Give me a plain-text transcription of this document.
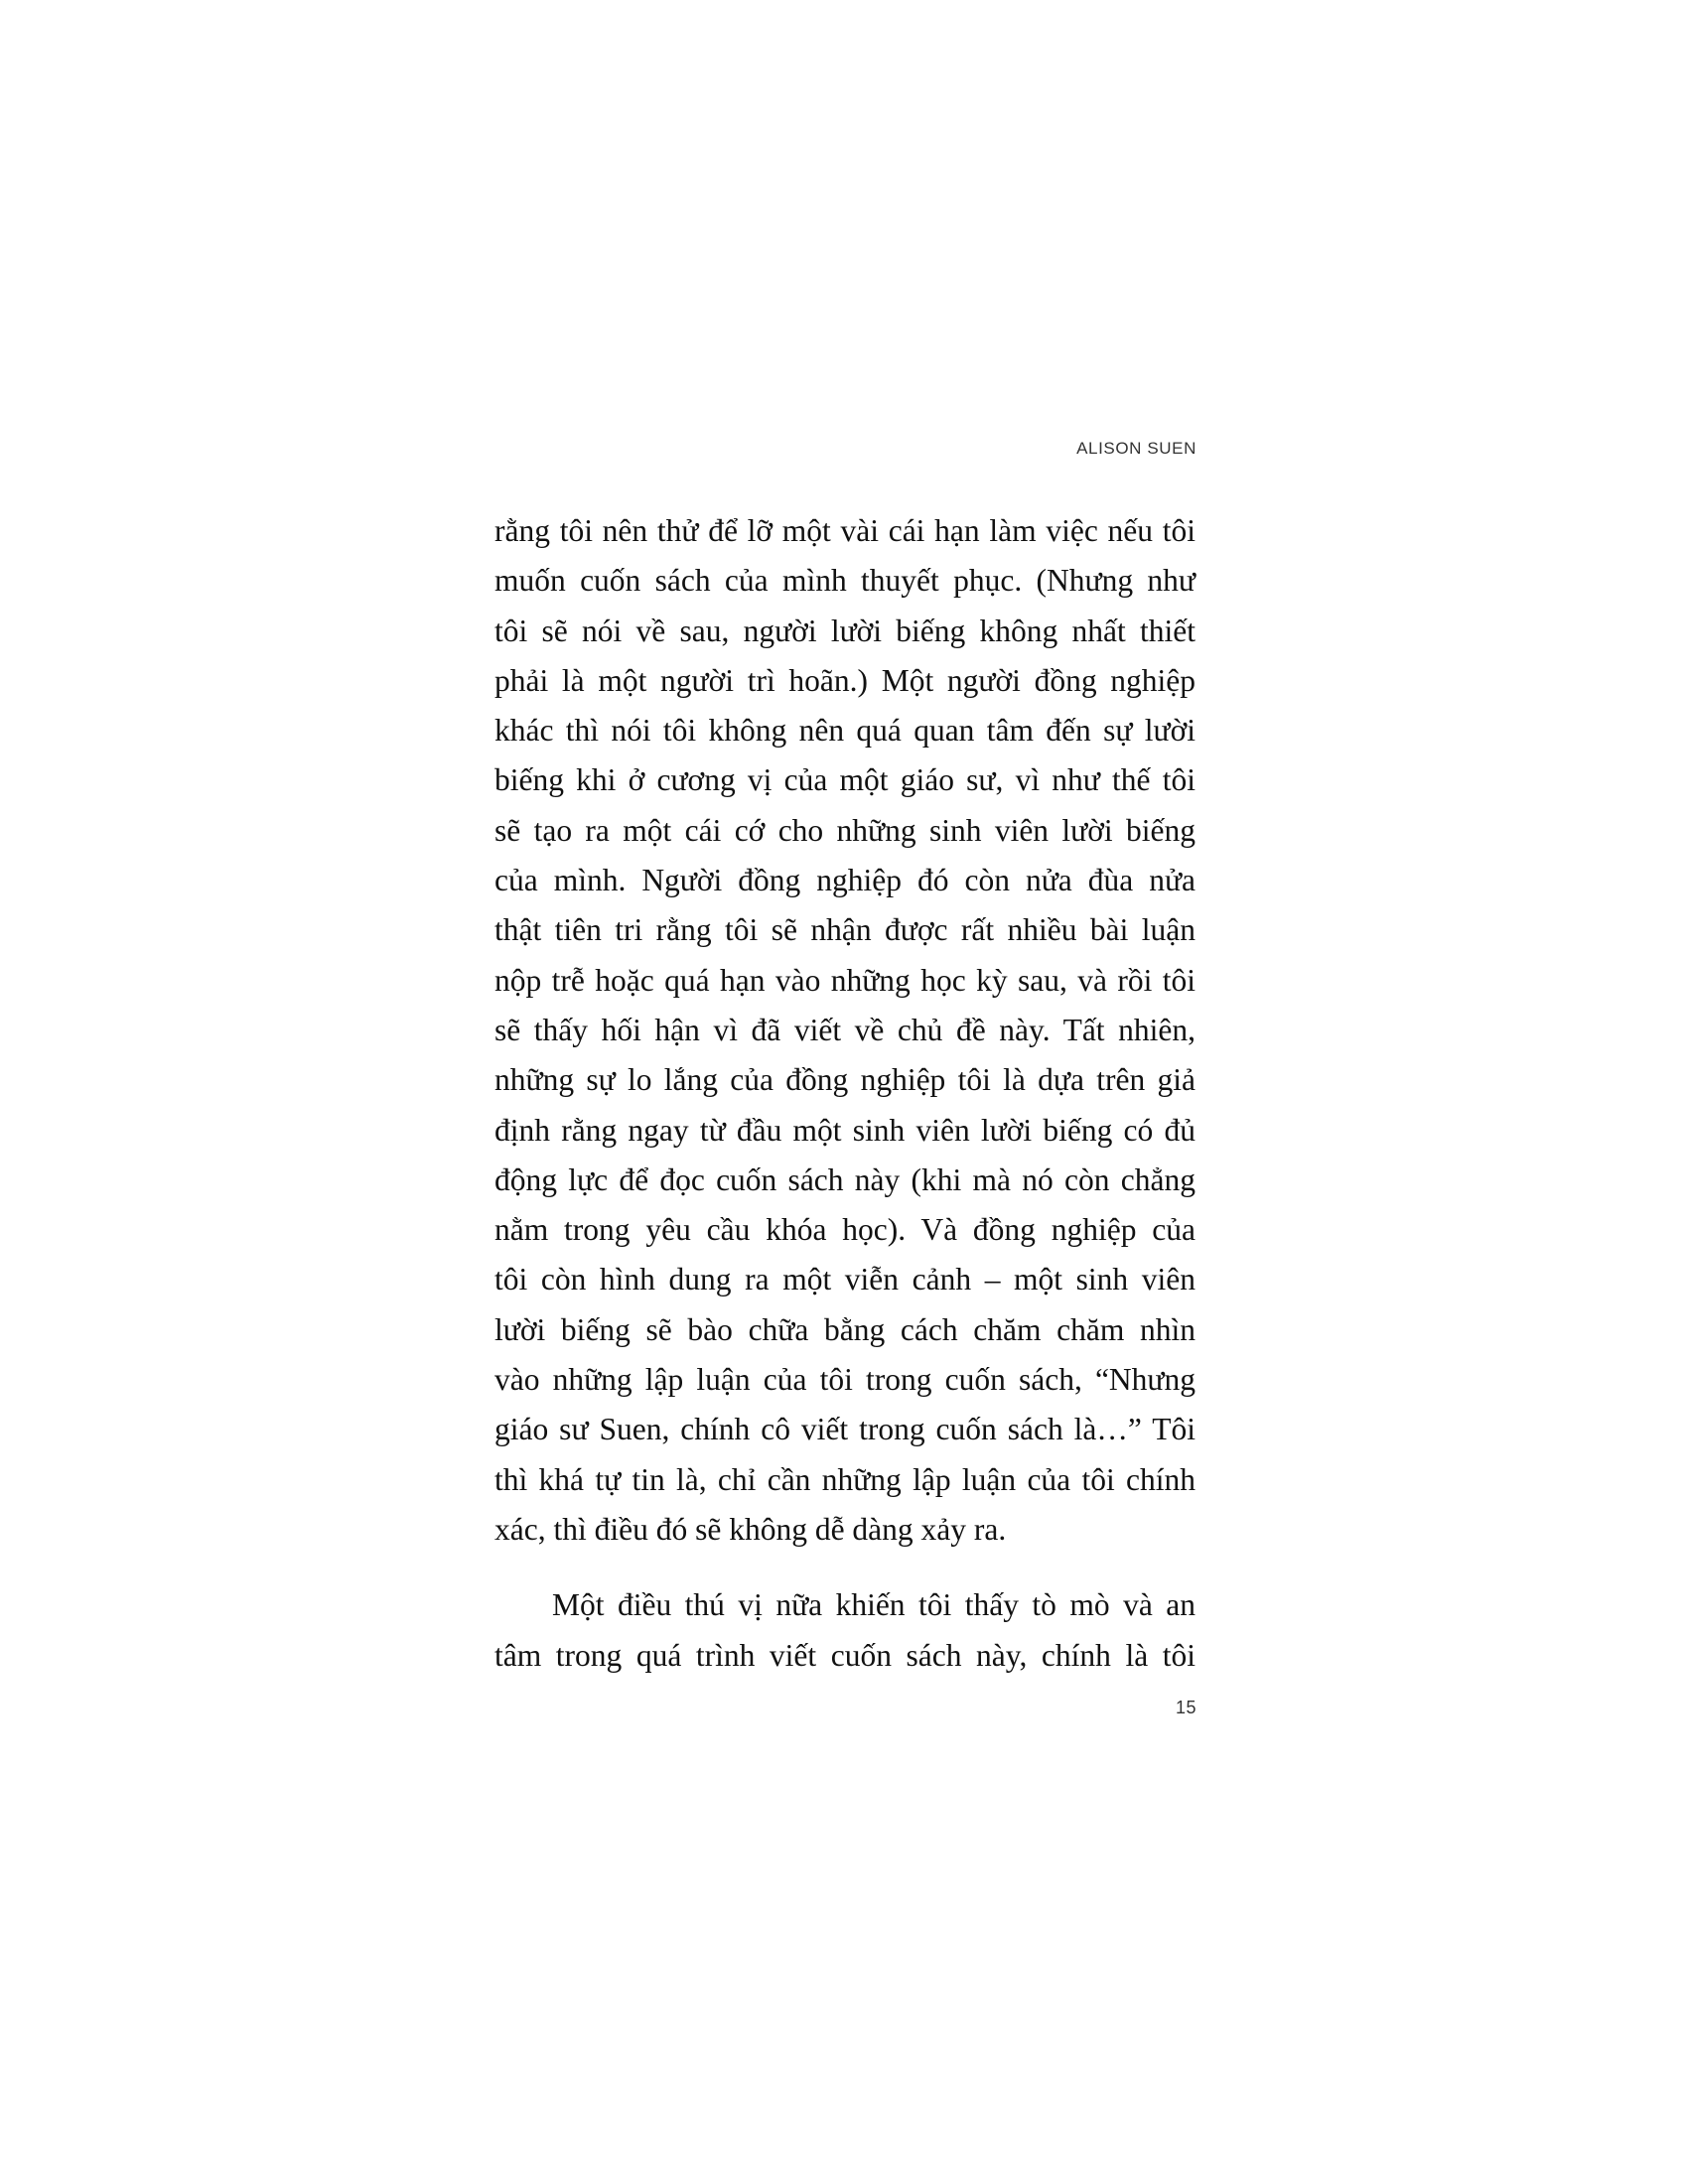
ALISON SUEN

rằng tôi nên thử để lỡ một vài cái hạn làm việc nếu tôi
muốn cuốn sách của mình thuyết phục. (Nhưng như
tôi sẽ nói về sau, người lười biếng không nhất thiết
phải là một người trì hoãn.) Một người đồng nghiệp
khác thì nói tôi không nên quá quan tâm đến sự lười
biếng khi ở cương vị của một giáo sư, vì như thế tôi
sẽ tạo ra một cái cớ cho những sinh viên lười biếng
của mình. Người đồng nghiệp đó còn nửa đùa nửa
thật tiên tri rằng tôi sẽ nhận được rất nhiều bài luận
nộp trễ hoặc quá hạn vào những học kỳ sau, và rồi tôi
sẽ thấy hối hận vì đã viết về chủ đề này. Tất nhiên,
những sự lo lắng của đồng nghiệp tôi là dựa trên giả
định rằng ngay từ đầu một sinh viên lười biếng có đủ
động lực để đọc cuốn sách này (khi mà nó còn chẳng
nằm trong yêu cầu khóa học). Và đồng nghiệp của
tôi còn hình dung ra một viễn cảnh – một sinh viên
lười biếng sẽ bào chữa bằng cách chăm chăm nhìn
vào những lập luận của tôi trong cuốn sách, “Nhưng
giáo sư Suen, chính cô viết trong cuốn sách là…” Tôi
thì khá tự tin là, chỉ cần những lập luận của tôi chính
xác, thì điều đó sẽ không dễ dàng xảy ra.

Một điều thú vị nữa khiến tôi thấy tò mò và an
tâm trong quá trình viết cuốn sách này, chính là tôi

15
